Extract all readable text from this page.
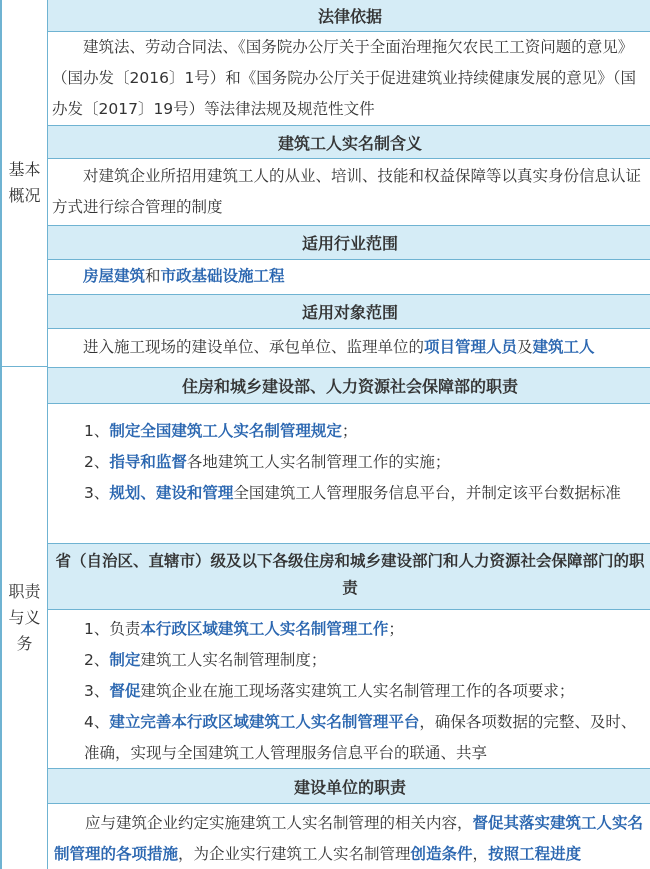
基本概况
职责与义务
法律依据
建筑法、劳动合同法、《国务院办公厅关于全面治理拖欠农民工工资问题的意见》（国办发〔2016〕1号）和《国务院办公厅关于促进建筑业持续健康发展的意见》（国办发〔2017〕19号）等法律法规及规范性文件
建筑工人实名制含义
对建筑企业所招用建筑工人的从业、培训、技能和权益保障等以真实身份信息认证方式进行综合管理的制度
适用行业范围
房屋建筑和市政基础设施工程
适用对象范围
进入施工现场的建设单位、承包单位、监理单位的项目管理人员及建筑工人
住房和城乡建设部、人力资源社会保障部的职责
1、制定全国建筑工人实名制管理规定；
2、指导和监督各地建筑工人实名制管理工作的实施；
3、规划、建设和管理全国建筑工人管理服务信息平台，并制定该平台数据标准
省（自治区、直辖市）级及以下各级住房和城乡建设部门和人力资源社会保障部门的职责
1、负责本行政区域建筑工人实名制管理工作；
2、制定建筑工人实名制管理制度；
3、督促建筑企业在施工现场落实建筑工人实名制管理工作的各项要求；
4、建立完善本行政区域建筑工人实名制管理平台，确保各项数据的完整、及时、准确，实现与全国建筑工人管理服务信息平台的联通、共享
建设单位的职责
应与建筑企业约定实施建筑工人实名制管理的相关内容，督促其落实建筑工人实名制管理的各项措施，为企业实行建筑工人实名制管理创造条件，按照工程进度
